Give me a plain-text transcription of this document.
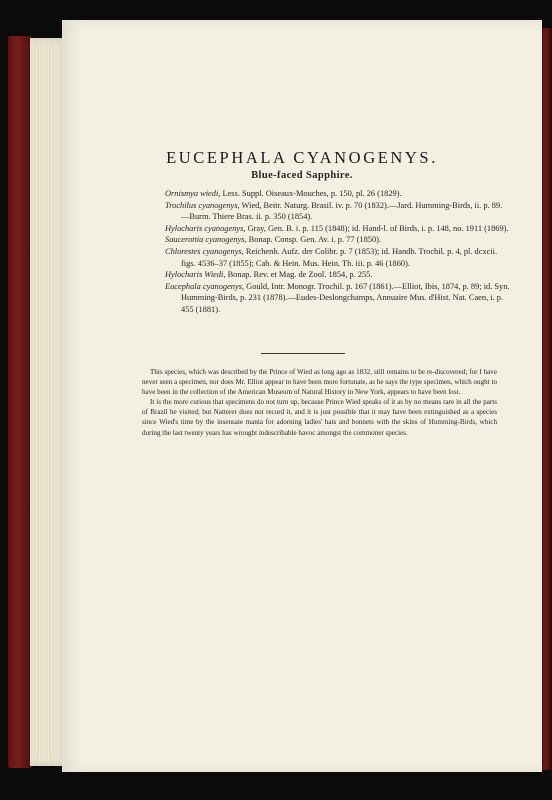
EUCEPHALA CYANOGENYS.
Blue-faced Sapphire.

Ornismya wiedi, Less. Suppl. Oiseaux-Mouches, p. 150, pl. 26 (1829).

Trochilus cyanogenys, Wied, Beitr. Naturg. Brasil. iv. p. 70 (1832).—Jard. Humming-Birds, ii. p. 89.—Burm. Thiere Bras. ii. p. 350 (1854).

Hylocharis cyanogenys, Gray, Gen. B. i. p. 115 (1848); id. Hand-l. of Birds, i. p. 148, no. 1911 (1869).

Saucerottia cyanogenys, Bonap. Consp. Gen. Av. i. p. 77 (1850).

Chlorestes cyanogenys, Reichenb. Aufz. der Colibr. p. 7 (1853); id. Handb. Trochil. p. 4, pl. dcxcii. figs. 4536–37 (1855); Cab. & Hein. Mus. Hein. Th. iii. p. 46 (1860).

Hylocharis Wiedi, Bonap. Rev. et Mag. de Zool. 1854, p. 255.

Eucephala cyanogenys, Gould, Intr. Monogr. Trochil. p. 167 (1861).—Elliot, Ibis, 1874, p. 89; id. Syn. Humming-Birds, p. 231 (1878).—Eudes-Deslongchamps, Annuaire Mus. d'Hist. Nat. Caen, i. p. 455 (1881).

This species, which was described by the Prince of Wied as long ago as 1832, still remains to be re-discovered; for I have never seen a specimen, nor does Mr. Elliot appear to have been more fortunate, as he says the type specimen, which ought to have been in the collection of the American Museum of Natural History in New York, appears to have been lost.

It is the more curious that specimens do not turn up, because Prince Wied speaks of it as by no means rare in all the parts of Brazil he visited; but Natterer does not record it, and it is just possible that it may have been extinguished as a species since Wied's time by the insensate mania for adorning ladies' hats and bonnets with the skins of Humming-Birds, which during the last twenty years has wrought indescribable havoc amongst the commoner species.
